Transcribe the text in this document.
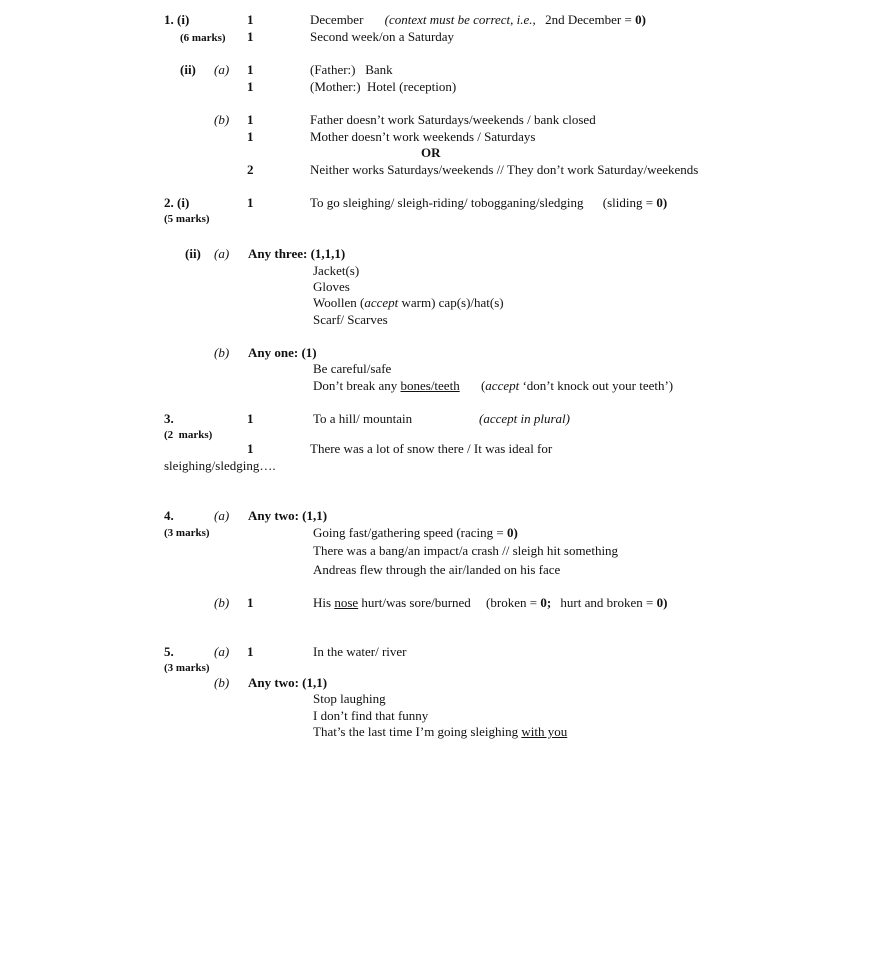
1. (i)
(6 marks)
1	December (context must be correct, i.e., 2nd December = 0)
1	Second week/on a Saturday
(ii) (a) 1	(Father:)   Bank
1	(Mother:)  Hotel (reception)
(b) 1	Father doesn’t work Saturdays/weekends / bank closed
1	Mother doesn’t work weekends / Saturdays
OR
2	Neither works Saturdays/weekends // They don’t work Saturday/weekends
2. (i)
(5 marks)
1	To go sleighing/ sleigh-riding/ tobogganing/sledging (sliding = 0)
(ii) (a) Any three: (1,1,1)
Jacket(s)
Gloves
Woollen (accept warm) cap(s)/hat(s)
Scarf/ Scarves
(b) Any one: (1)
Be careful/safe
Don’t break any bones/teeth (accept ‘don’t knock out your teeth’)
3.
(2  marks)
1	To a hill/ mountain	(accept in plural)
1	There was a lot of snow there / It was ideal for
sleighing/sledging….
4.
(3 marks)
(a) Any two: (1,1)
Going fast/gathering speed (racing = 0)
There was a bang/an impact/a crash // sleigh hit something
Andreas flew through the air/landed on his face
(b) 1	His nose hurt/was sore/burned (broken = 0; hurt and broken = 0)
5.
(3 marks)
(a) 1	In the water/ river
(b) Any two: (1,1)
Stop laughing
I don’t find that funny
That’s the last time I’m going sleighing with you
